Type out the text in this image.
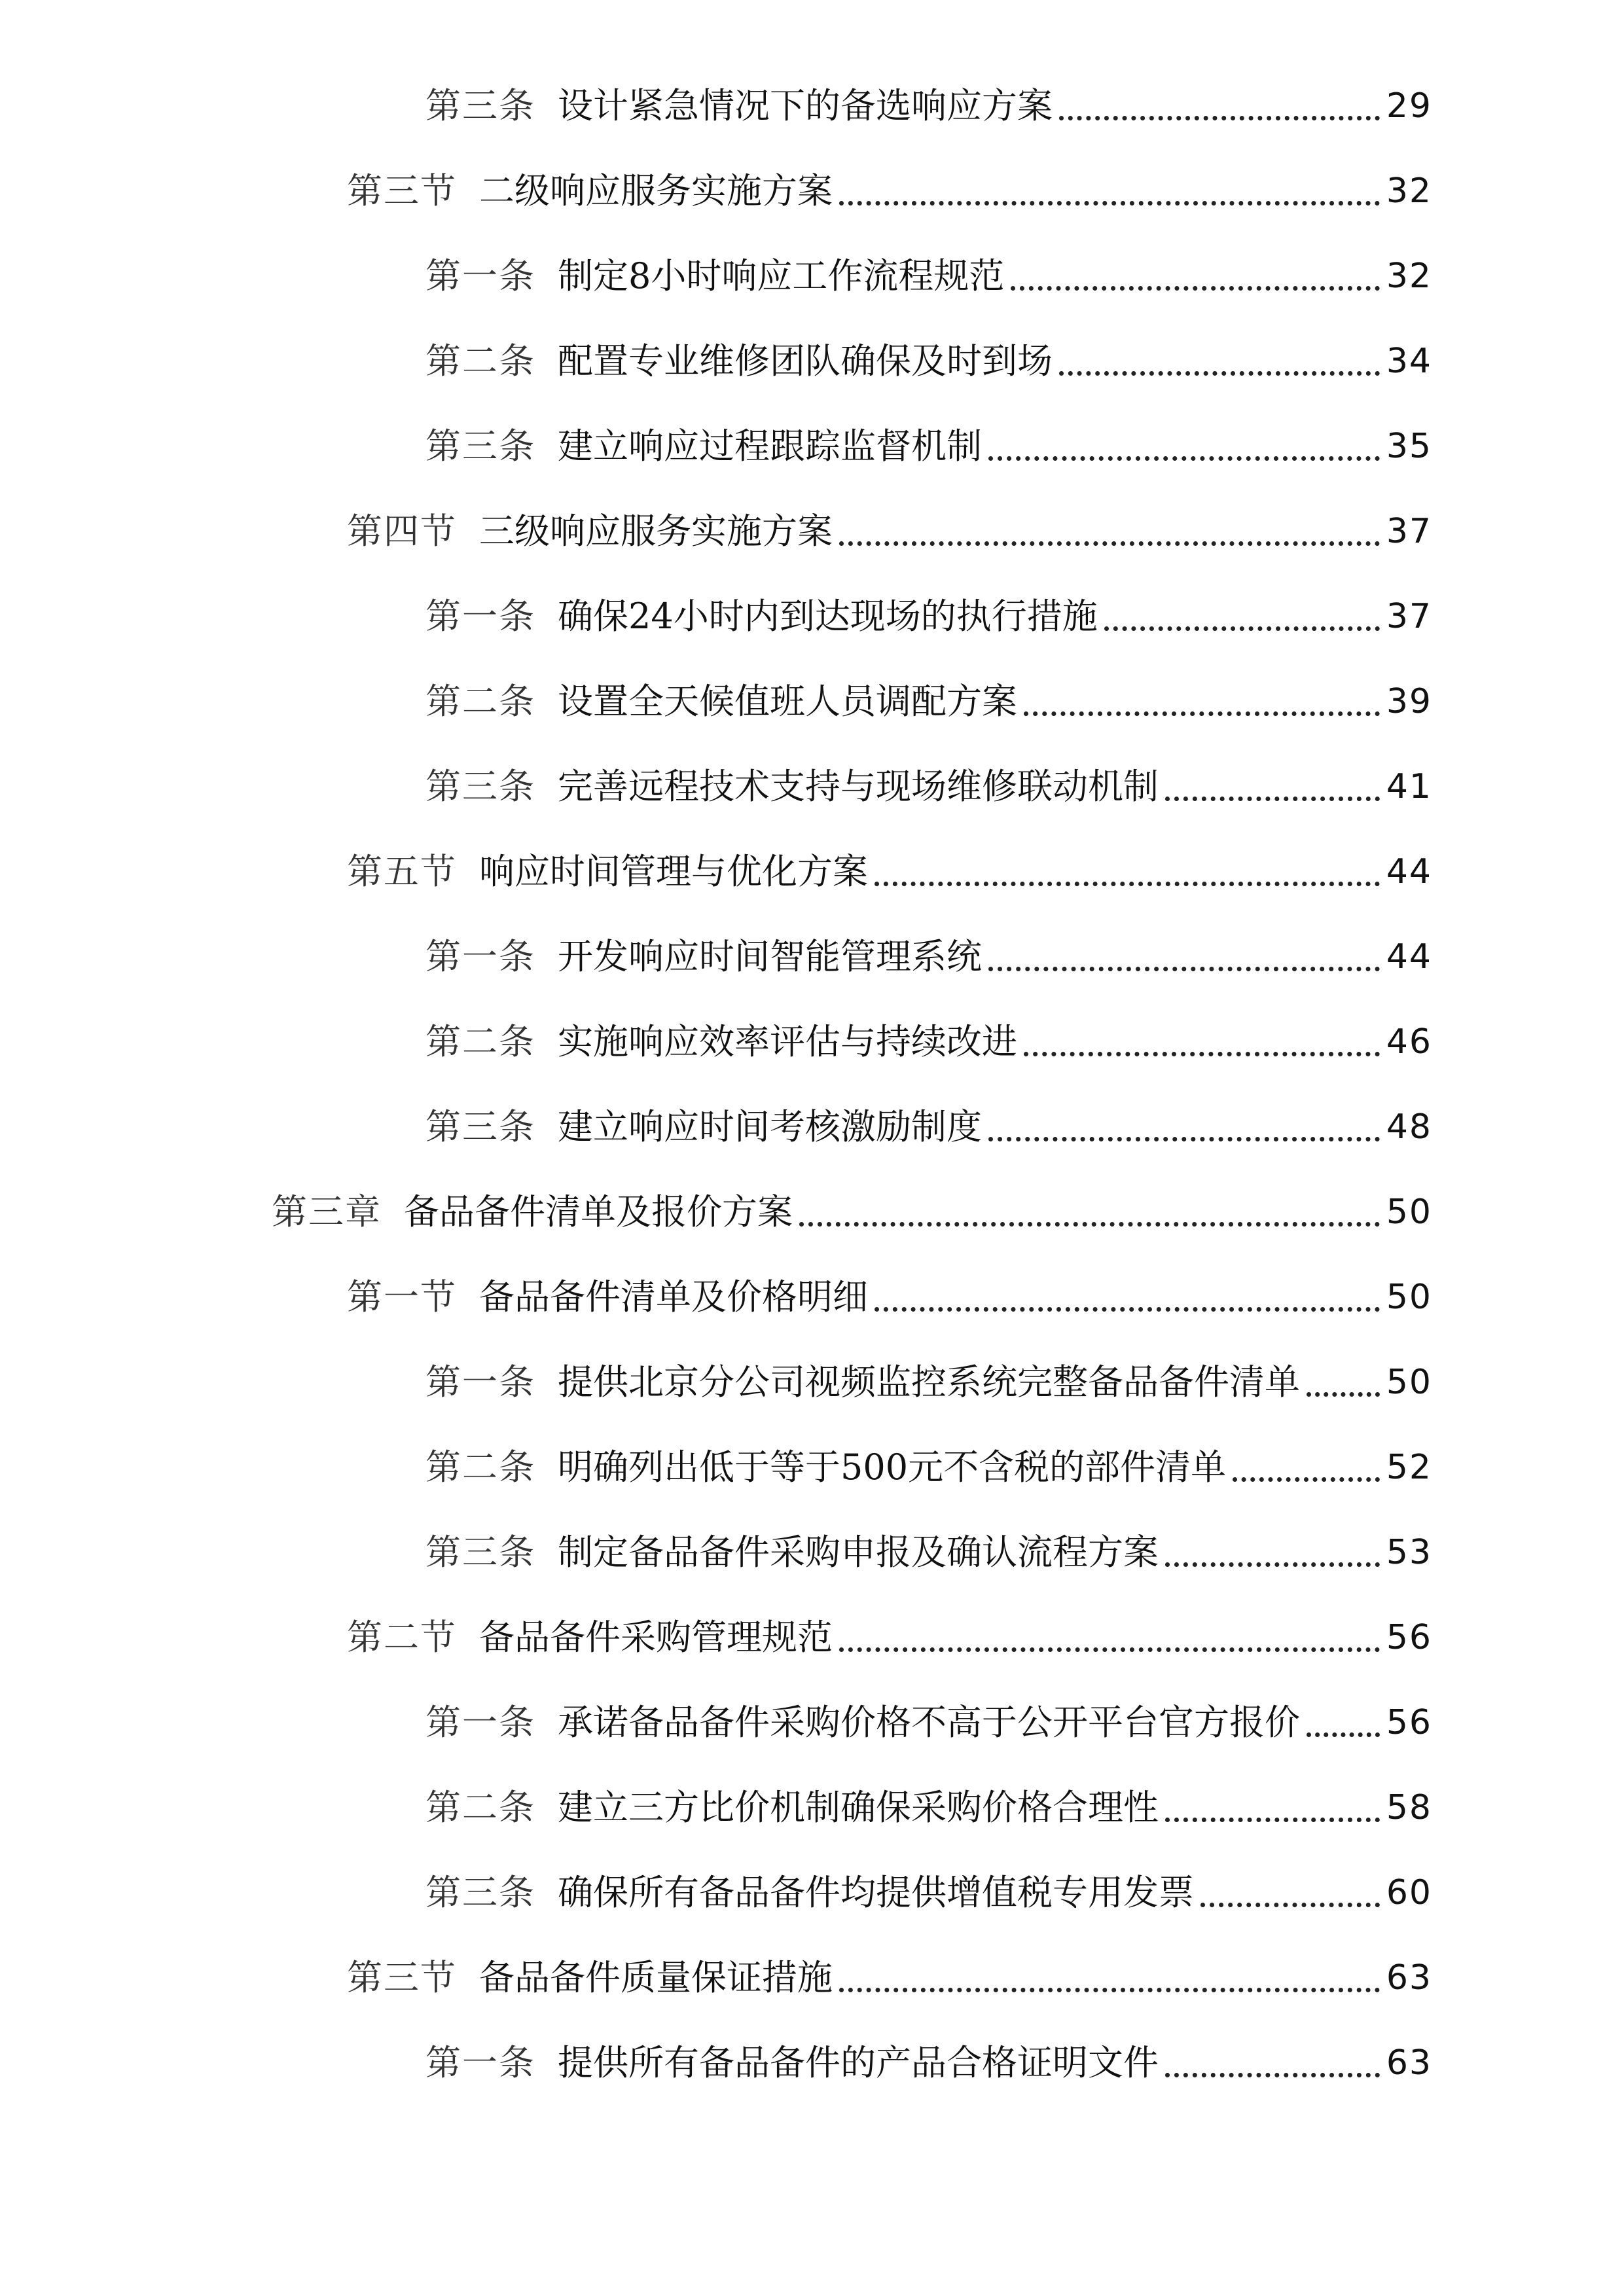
第三条 设计紧急情况下的备选响应方案	29
第三节 二级响应服务实施方案	32
第一条 制定8小时响应工作流程规范	32
第二条 配置专业维修团队确保及时到场	34
第三条 建立响应过程跟踪监督机制	35
第四节 三级响应服务实施方案	37
第一条 确保24小时内到达现场的执行措施	37
第二条 设置全天候值班人员调配方案	39
第三条 完善远程技术支持与现场维修联动机制	41
第五节 响应时间管理与优化方案	44
第一条 开发响应时间智能管理系统	44
第二条 实施响应效率评估与持续改进	46
第三条 建立响应时间考核激励制度	48
第三章 备品备件清单及报价方案	50
第一节 备品备件清单及价格明细	50
第一条 提供北京分公司视频监控系统完整备品备件清单	50
第二条 明确列出低于等于500元不含税的部件清单	52
第三条 制定备品备件采购申报及确认流程方案	53
第二节 备品备件采购管理规范	56
第一条 承诺备品备件采购价格不高于公开平台官方报价	56
第二条 建立三方比价机制确保采购价格合理性	58
第三条 确保所有备品备件均提供增值税专用发票	60
第三节 备品备件质量保证措施	63
第一条 提供所有备品备件的产品合格证明文件	63
